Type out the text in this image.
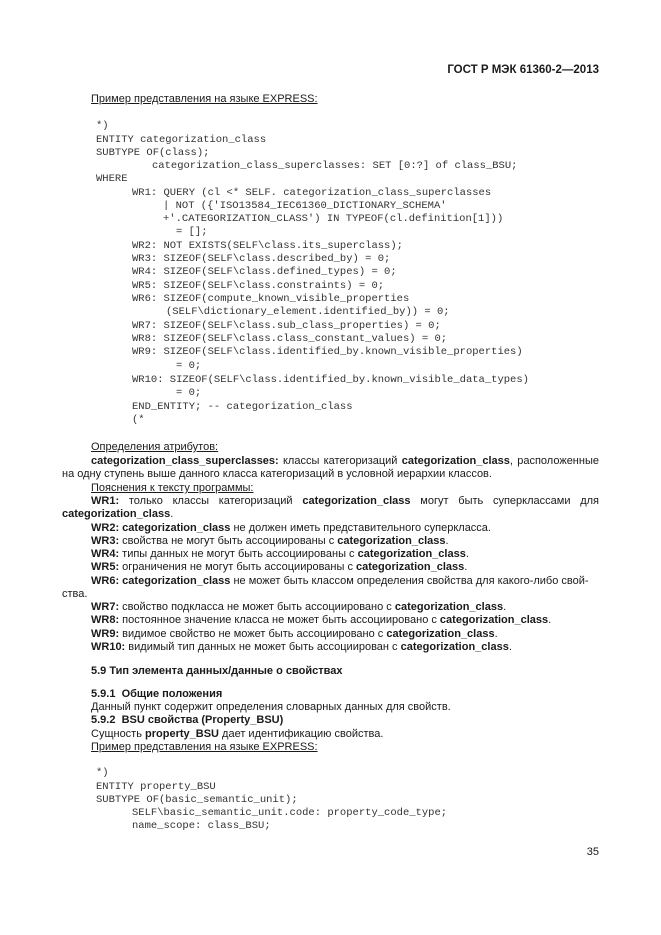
ГОСТ Р МЭК 61360-2—2013
Пример представления на языке EXPRESS:
*)
ENTITY categorization_class
SUBTYPE OF(class);
categorization_class_superclasses: SET [0:?] of class_BSU;
WHERE
WR1: QUERY (cl <* SELF. categorization_class_superclasses
| NOT ({'ISO13584_IEC61360_DICTIONARY_SCHEMA'
+'.CATEGORIZATION_CLASS') IN TYPEOF(cl.definition[1]))
= [];
WR2: NOT EXISTS(SELF\class.its_superclass);
WR3: SIZEOF(SELF\class.described_by) = 0;
WR4: SIZEOF(SELF\class.defined_types) = 0;
WR5: SIZEOF(SELF\class.constraints) = 0;
WR6: SIZEOF(compute_known_visible_properties
(SELF\dictionary_element.identified_by)) = 0;
WR7: SIZEOF(SELF\class.sub_class_properties) = 0;
WR8: SIZEOF(SELF\class.class_constant_values) = 0;
WR9: SIZEOF(SELF\class.identified_by.known_visible_properties)
= 0;
WR10: SIZEOF(SELF\class.identified_by.known_visible_data_types)
= 0;
END_ENTITY; -- categorization_class
(*
Определения атрибутов:
categorization_class_superclasses: классы категоризаций categorization_class, расположенные
на одну ступень выше данного класса категоризаций в условной иерархии классов.
Пояснения к тексту программы:
WR1: только классы категоризаций categorization_class могут быть суперклассами для
categorization_class.
WR2: categorization_class не должен иметь представительного суперкласса.
WR3: свойства не могут быть ассоциированы с categorization_class.
WR4: типы данных не могут быть ассоциированы с categorization_class.
WR5: ограничения не могут быть ассоциированы с categorization_class.
WR6: categorization_class не может быть классом определения свойства для какого-либо свой-
ства.
WR7: свойство подкласса не может быть ассоциировано с categorization_class.
WR8: постоянное значение класса не может быть ассоциировано с categorization_class.
WR9: видимое свойство не может быть ассоциировано с categorization_class.
WR10: видимый тип данных не может быть ассоциирован с categorization_class.
5.9 Тип элемента данных/данные о свойствах
5.9.1  Общие положения
Данный пункт содержит определения словарных данных для свойств.
5.9.2  BSU свойства (Property_BSU)
Сущность property_BSU дает идентификацию свойства.
Пример представления на языке EXPRESS:
*)
ENTITY property_BSU
SUBTYPE OF(basic_semantic_unit);
SELF\basic_semantic_unit.code: property_code_type;
name_scope: class_BSU;
35
